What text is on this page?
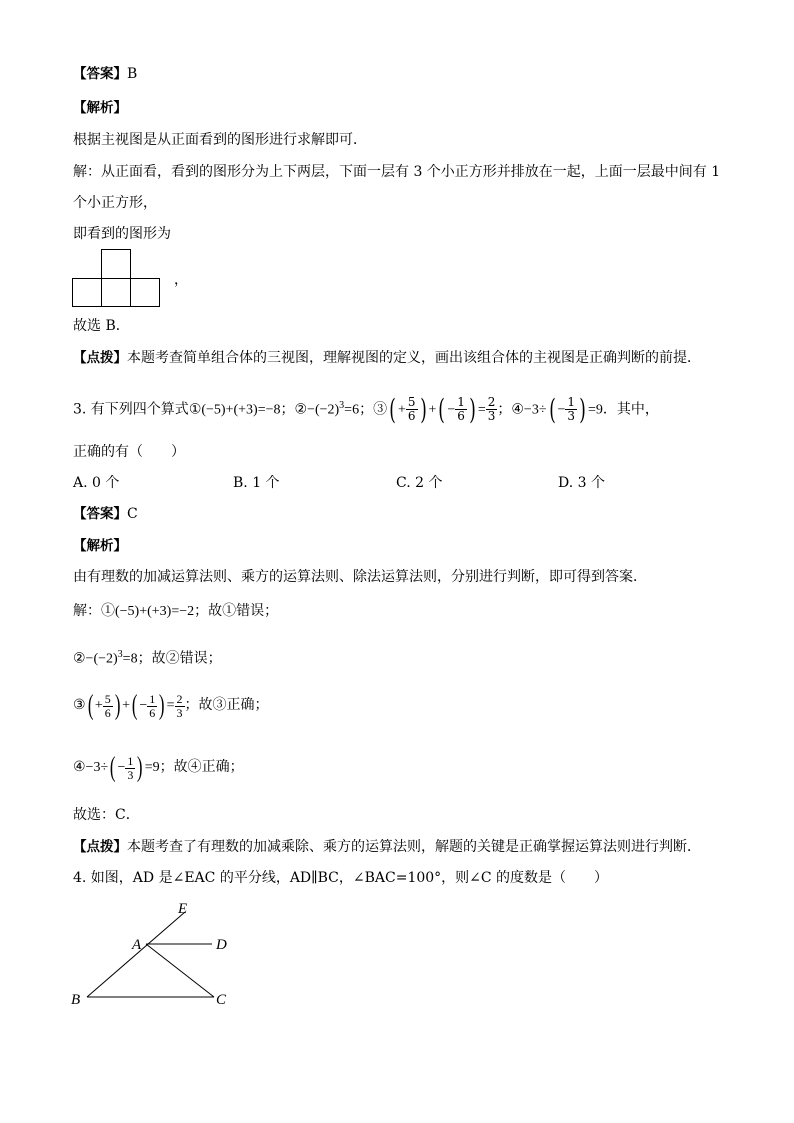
【答案】B
【解析】
根据主视图是从正面看到的图形进行求解即可．
解：从正面看，看到的图形分为上下两层，下面一层有 3 个小正方形并排放在一起，上面一层最中间有 1
个小正方形，
即看到的图形为
，
故选 B．
【点拨】本题考查简单组合体的三视图，理解视图的定义，画出该组合体的主视图是正确判断的前提．
3. 有下列四个算式①(−5)+(+3)=−8；$②-(-2)^3=6$；③( + $\frac{5}{6}$ ) +( − $\frac{1}{6}$ ) = $\frac{2}{3}$ ；④−3÷( − $\frac{1}{3}$ ) =9．其中，
正确的有（　　）
A. 0 个	B. 1 个	C. 2 个	D. 3 个
【答案】C
【解析】
由有理数的加减运算法则、乘方的运算法则、除法运算法则，分别进行判断，即可得到答案．
解：①(−5)+(+3)=−2；故①错误；
$②-(-2)^3=8$；故②错误；
③( + $\frac{5}{6}$ ) +( − $\frac{1}{6}$ ) = $\frac{2}{3}$ ；故③正确；
④−3÷( − $\frac{1}{3}$ ) =9；故④正确；
故选：C．
【点拨】本题考查了有理数的加减乘除、乘方的运算法则，解题的关键是正确掌握运算法则进行判断．
4. 如图，AD 是∠EAC 的平分线，AD∥BC，∠BAC=100°，则∠C 的度数是（　　）
E
A	D
B	C
